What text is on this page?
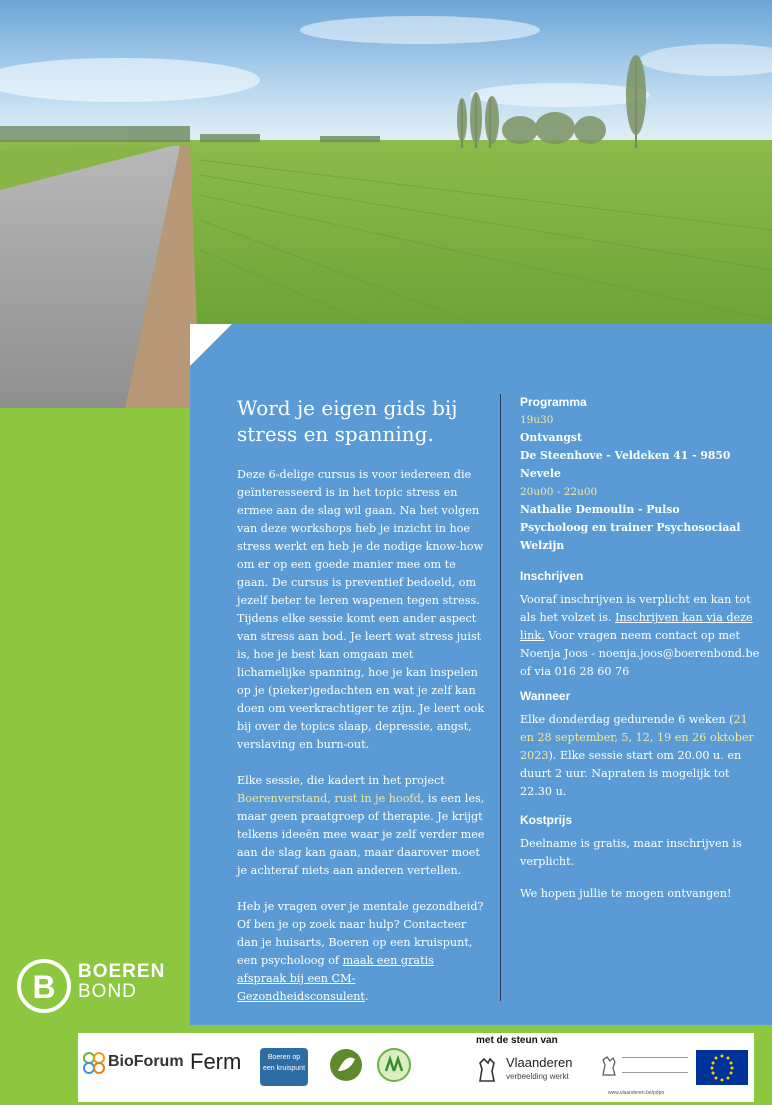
Word je eigen gids bij stress en spanning.

Deze 6-delige cursus is voor iedereen die geïnteresseerd is in het topic stress en ermee aan de slag wil gaan. Na het volgen van deze workshops heb je inzicht in hoe stress werkt en heb je de nodige know-how om er op een goede manier mee om te gaan. De cursus is preventief bedoeld, om jezelf beter te leren wapenen tegen stress. Tijdens elke sessie komt een ander aspect van stress aan bod. Je leert wat stress juist is, hoe je best kan omgaan met lichamelijke spanning, hoe je kan inspelen op je (pieker)gedachten en wat je zelf kan doen om veerkrachtiger te zijn. Je leert ook bij over de topics slaap, depressie, angst, verslaving en burn-out.

Elke sessie, die kadert in het project Boerenverstand, rust in je hoofd, is een les, maar geen praatgroep of therapie. Je krijgt telkens ideeën mee waar je zelf verder mee aan de slag kan gaan, maar daarover moet je achteraf niets aan anderen vertellen.

Heb je vragen over je mentale gezondheid? Of ben je op zoek naar hulp? Contacteer dan je huisarts, Boeren op een kruispunt, een psycholoog of maak een gratis afspraak bij een CM-Gezondheidsconsulent.

Programma

19u30

Ontvangst

De Steenhove - Veldeken 41 - 9850 Nevele

20u00 - 22u00

Nathalie Demoulin - Pulso

Psycholoog en trainer Psychosociaal Welzijn

Inschrijven

Vooraf inschrijven is verplicht en kan tot als het volzet is. Inschrijven kan via deze link. Voor vragen neem contact op met Noenja Joos - noenja.joos@boerenbond.be

of via 016 28 60 76

Wanneer

Elke donderdag gedurende 6 weken (21 en 28 september, 5, 12, 19 en 26 oktober 2023). Elke sessie start om 20.00 u. en duurt 2 uur. Napraten is mogelijk tot 22.30 u.

Kostprijs

Deelname is gratis, maar inschrijven is verplicht.

We hopen jullie te mogen ontvangen!

B BOEREN
BOND
BioForum Ferm	Boeren op
een kruispunt	Vlaanderen
verbeelding werkt
www.vlaanderen.be/pdpo
met de steun van
